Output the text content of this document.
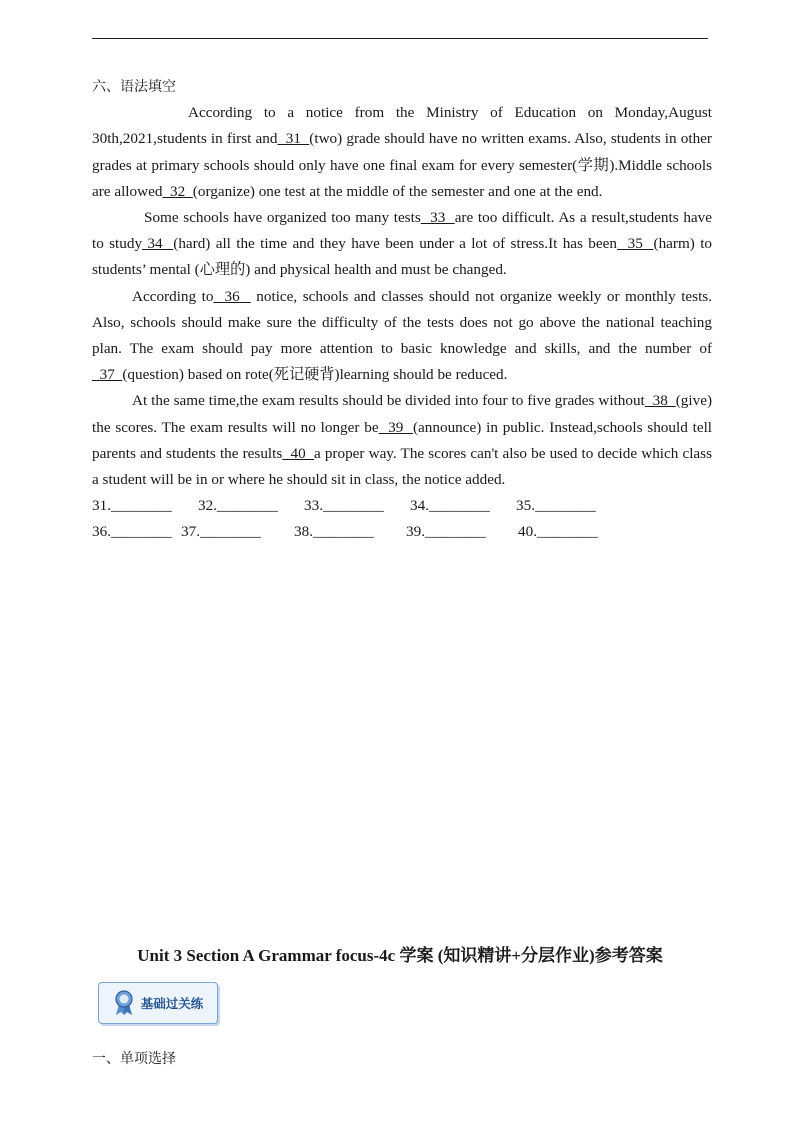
六、语法填空

According to a notice from the Ministry of Education on Monday,August 30th,2021,students in first and  31  (two) grade should have no written exams. Also, students in other grades at primary schools should only have one final exam for every semester(学期).Middle schools are allowed  32  (organize) one test at the middle of the semester and one at the end.

Some schools have organized too many tests  33  are too difficult. As a result,students have to study 34  (hard) all the time and they have been under a lot of stress.It has been  35  (harm) to students’ mental (心理的) and physical health and must be changed.

According to  36   notice, schools and classes should not organize weekly or monthly tests. Also, schools should make sure the difficulty of the tests does not go above the national teaching plan. The exam should pay more attention to basic knowledge and skills, and the number of  37  (question) based on rote(死记硬背)learning should be reduced.

At the same time,the exam results should be divided into four to five grades without  38  (give) the scores. The exam results will no longer be  39  (announce) in public. Instead,schools should tell parents and students the results  40  a proper way. The scores can't also be used to decide which class a student will be in or where he should sit in class, the notice added.

31.________	32.________	33.________	34.________	35.________
36.________ 37.________	38.________	39.________	40.________
Unit 3 Section A Grammar focus-4c 学案 (知识精讲+分层作业)参考答案
基础过关练
一、单项选择
